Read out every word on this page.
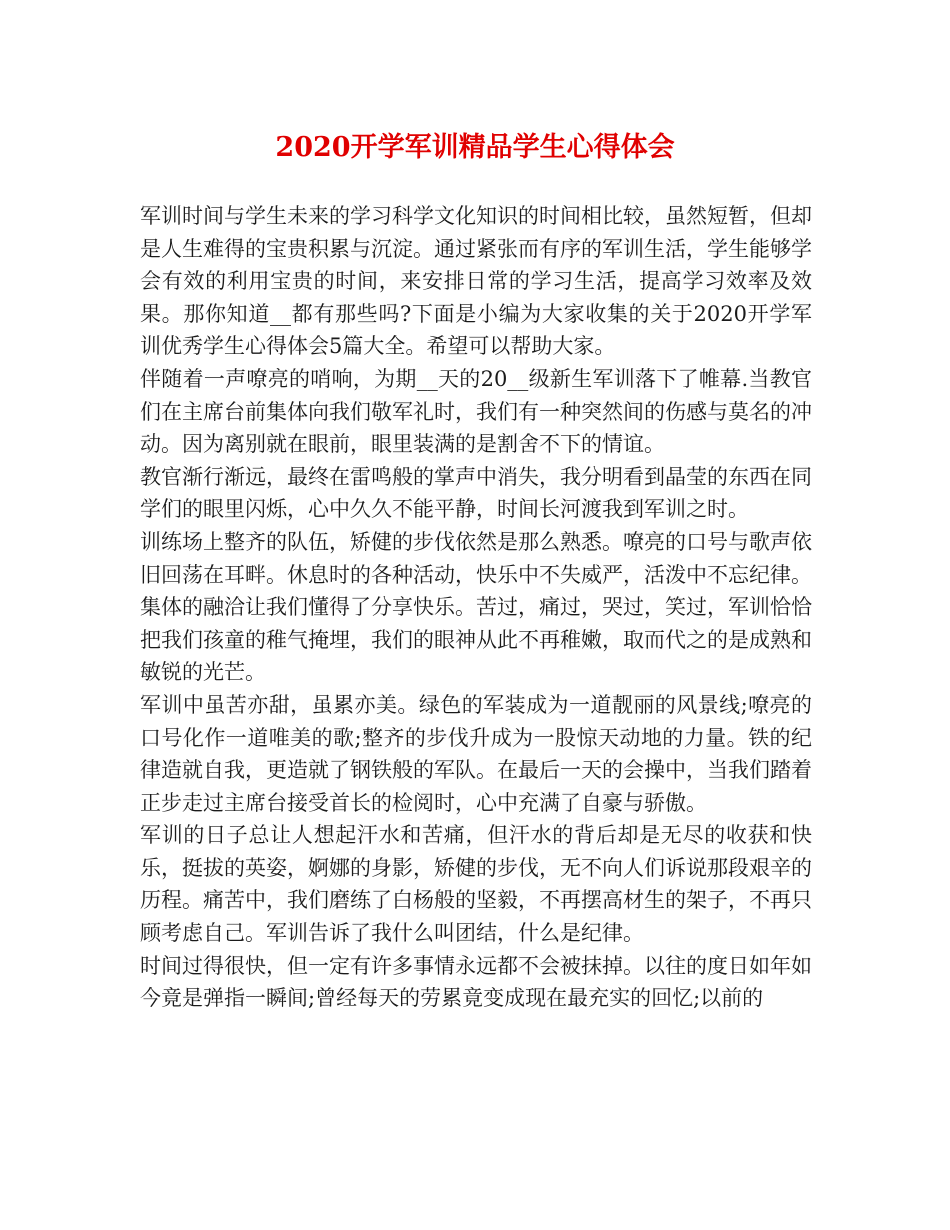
2020开学军训精品学生心得体会

军训时间与学生未来的学习科学文化知识的时间相比较，虽然短暂，但却是人生难得的宝贵积累与沉淀。通过紧张而有序的军训生活，学生能够学会有效的利用宝贵的时间，来安排日常的学习生活，提高学习效率及效果。那你知道__都有那些吗?下面是小编为大家收集的关于2020开学军训优秀学生心得体会5篇大全。希望可以帮助大家。

伴随着一声嘹亮的哨响，为期__天的20__级新生军训落下了帷幕.当教官们在主席台前集体向我们敬军礼时，我们有一种突然间的伤感与莫名的冲动。因为离别就在眼前，眼里装满的是割舍不下的情谊。

教官渐行渐远，最终在雷鸣般的掌声中消失，我分明看到晶莹的东西在同学们的眼里闪烁，心中久久不能平静，时间长河渡我到军训之时。

训练场上整齐的队伍，矫健的步伐依然是那么熟悉。嘹亮的口号与歌声依旧回荡在耳畔。休息时的各种活动，快乐中不失威严，活泼中不忘纪律。集体的融洽让我们懂得了分享快乐。苦过，痛过，哭过，笑过，军训恰恰把我们孩童的稚气掩埋，我们的眼神从此不再稚嫩，取而代之的是成熟和敏锐的光芒。

军训中虽苦亦甜，虽累亦美。绿色的军装成为一道靓丽的风景线;嘹亮的口号化作一道唯美的歌;整齐的步伐升成为一股惊天动地的力量。铁的纪律造就自我，更造就了钢铁般的军队。在最后一天的会操中，当我们踏着正步走过主席台接受首长的检阅时，心中充满了自豪与骄傲。

军训的日子总让人想起汗水和苦痛，但汗水的背后却是无尽的收获和快乐，挺拔的英姿，婀娜的身影，矫健的步伐，无不向人们诉说那段艰辛的历程。痛苦中，我们磨练了白杨般的坚毅，不再摆高材生的架子，不再只顾考虑自己。军训告诉了我什么叫团结，什么是纪律。

时间过得很快，但一定有许多事情永远都不会被抹掉。以往的度日如年如今竟是弹指一瞬间;曾经每天的劳累竟变成现在最充实的回忆;以前的
